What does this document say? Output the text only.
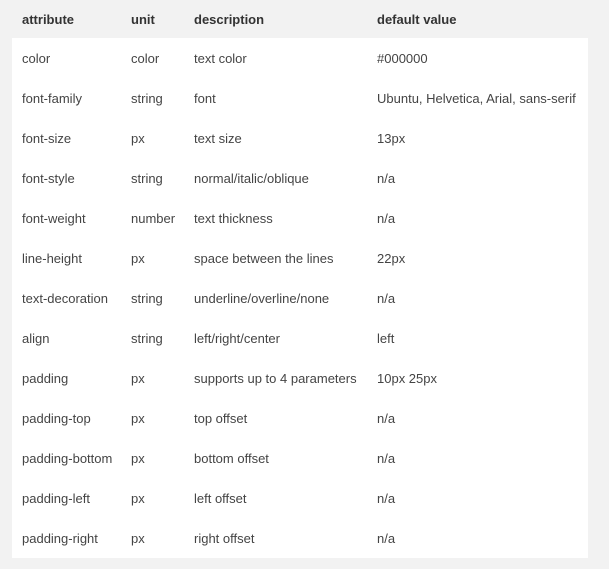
attribute	unit	description	default value
color	color	text color	#000000
font-family	string	font	Ubuntu, Helvetica, Arial, sans-serif
font-size	px	text size	13px
font-style	string	normal/italic/oblique	n/a
font-weight	number	text thickness	n/a
line-height	px	space between the lines	22px
text-decoration	string	underline/overline/none	n/a
align	string	left/right/center	left
padding	px	supports up to 4 parameters	10px 25px
padding-top	px	top offset	n/a
padding-bottom	px	bottom offset	n/a
padding-left	px	left offset	n/a
padding-right	px	right offset	n/a
